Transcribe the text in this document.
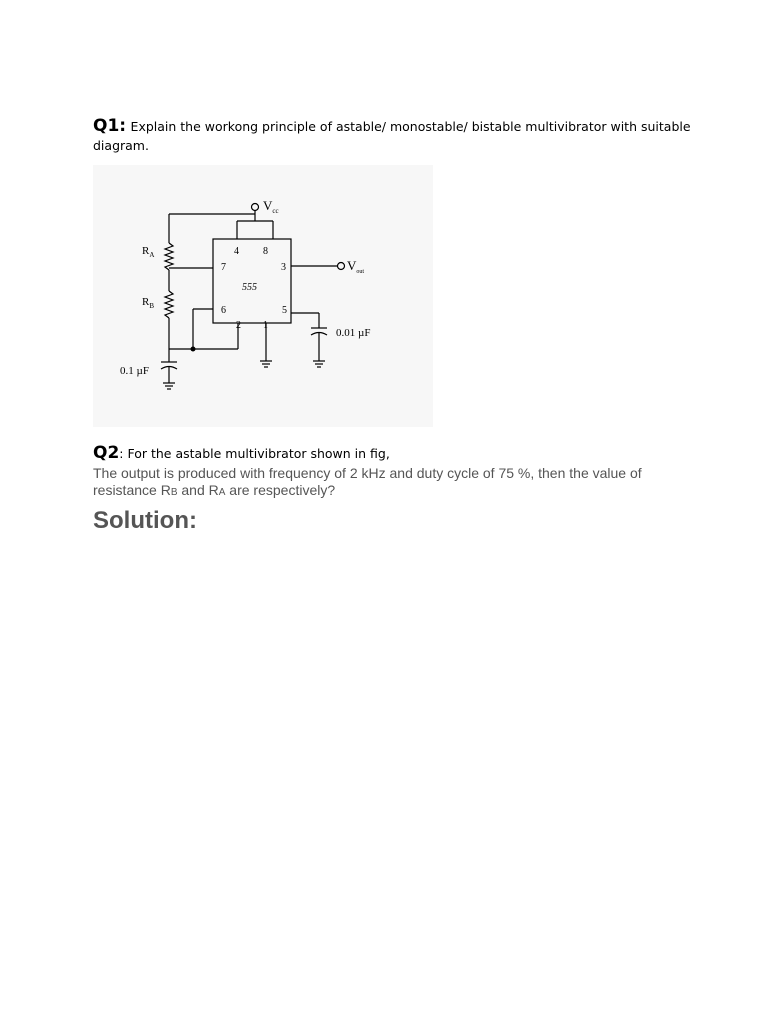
Q1: Explain the workong principle of astable/ monostable/ bistable multivibrator with suitable diagram.
$V_{cc}$
$V_{out}$
$R_A$
$R_B$
555
4 8
7	3
6	5
2 1
0.1 µF
0.01 µF
Q2: For the astable multivibrator shown in fig,
The output is produced with frequency of 2 kHz and duty cycle of 75 %, then the value of
resistance RB and RA are respectively?
Solution:
